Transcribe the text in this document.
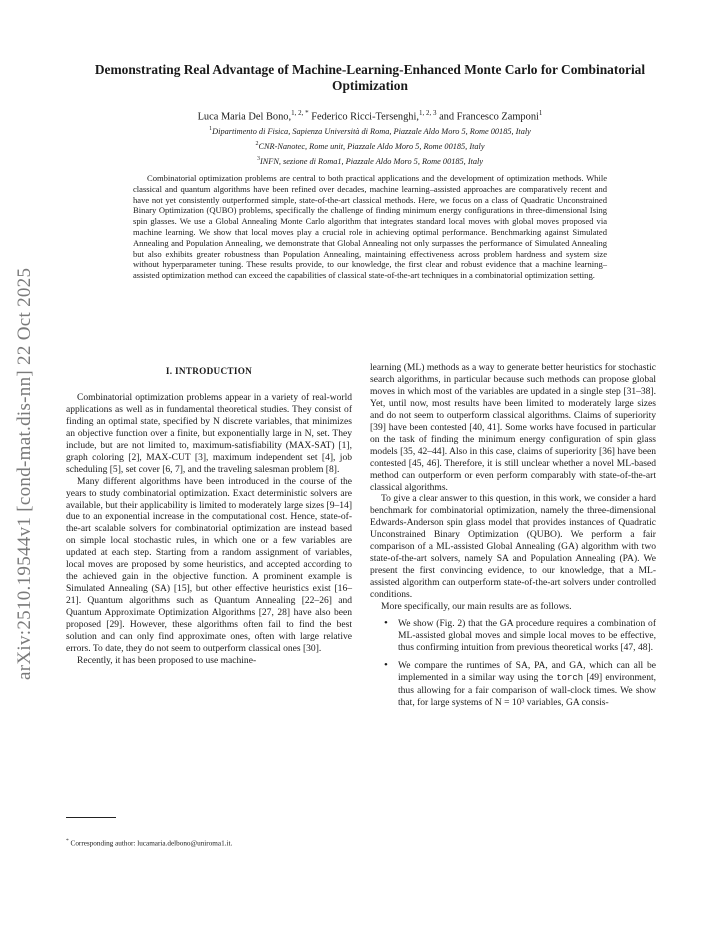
arXiv:2510.19544v1 [cond-mat.dis-nn] 22 Oct 2025
Demonstrating Real Advantage of Machine-Learning-Enhanced Monte Carlo for Combinatorial Optimization
Luca Maria Del Bono,$^{1, 2, *}$ Federico Ricci-Tersenghi,$^{1, 2, 3}$ and Francesco Zamponi$^1$
$^1$Dipartimento di Fisica, Sapienza Università di Roma, Piazzale Aldo Moro 5, Rome 00185, Italy
$^2$CNR-Nanotec, Rome unit, Piazzale Aldo Moro 5, Rome 00185, Italy
$^3$INFN, sezione di Roma1, Piazzale Aldo Moro 5, Rome 00185, Italy

Combinatorial optimization problems are central to both practical applications and the development of optimization methods. While classical and quantum algorithms have been refined over decades, machine learning–assisted approaches are comparatively recent and have not yet consistently outperformed simple, state-of-the-art classical methods. Here, we focus on a class of Quadratic Unconstrained Binary Optimization (QUBO) problems, specifically the challenge of finding minimum energy configurations in three-dimensional Ising spin glasses. We use a Global Annealing Monte Carlo algorithm that integrates standard local moves with global moves proposed via machine learning. We show that local moves play a crucial role in achieving optimal performance. Benchmarking against Simulated Annealing and Population Annealing, we demonstrate that Global Annealing not only surpasses the performance of Simulated Annealing but also exhibits greater robustness than Population Annealing, maintaining effectiveness across problem hardness and system size without hyperparameter tuning. These results provide, to our knowledge, the first clear and robust evidence that a machine learning–assisted optimization method can exceed the capabilities of classical state-of-the-art techniques in a combinatorial optimization setting.

I. INTRODUCTION

Combinatorial optimization problems appear in a variety of real-world applications as well as in fundamental theoretical studies. They consist of finding an optimal state, specified by N discrete variables, that minimizes an objective function over a finite, but exponentially large in N, set. They include, but are not limited to, maximum-satisfiability (MAX-SAT) [1], graph coloring [2], MAX-CUT [3], maximum independent set [4], job scheduling [5], set cover [6, 7], and the traveling salesman problem [8].

Many different algorithms have been introduced in the course of the years to study combinatorial optimization. Exact deterministic solvers are available, but their applicability is limited to moderately large sizes [9–14] due to an exponential increase in the computational cost. Hence, state-of-the-art scalable solvers for combinatorial optimization are instead based on simple local stochastic rules, in which one or a few variables are updated at each step. Starting from a random assignment of variables, local moves are proposed by some heuristics, and accepted according to the achieved gain in the objective function. A prominent example is Simulated Annealing (SA) [15], but other effective heuristics exist [16–21]. Quantum algorithms such as Quantum Annealing [22–26] and Quantum Approximate Optimization Algorithms [27, 28] have also been proposed [29]. However, these algorithms often fail to find the best solution and can only find approximate ones, often with large relative errors. To date, they do not seem to outperform classical ones [30].

Recently, it has been proposed to use machine-

learning (ML) methods as a way to generate better heuristics for stochastic search algorithms, in particular because such methods can propose global moves in which most of the variables are updated in a single step [31–38]. Yet, until now, most results have been limited to moderately large sizes and do not seem to outperform classical algorithms. Claims of superiority [39] have been contested [40, 41]. Some works have focused in particular on the task of finding the minimum energy configuration of spin glass models [35, 42–44]. Also in this case, claims of superiority [36] have been contested [45, 46]. Therefore, it is still unclear whether a novel ML-based method can outperform or even perform comparably with state-of-the-art classical algorithms.

To give a clear answer to this question, in this work, we consider a hard benchmark for combinatorial optimization, namely the three-dimensional Edwards-Anderson spin glass model that provides instances of Quadratic Unconstrained Binary Optimization (QUBO). We perform a fair comparison of a ML-assisted Global Annealing (GA) algorithm with two state-of-the-art solvers, namely SA and Population Annealing (PA). We present the first convincing evidence, to our knowledge, that a ML-assisted algorithm can outperform state-of-the-art solvers under controlled conditions.

More specifically, our main results are as follows.

• We show (Fig. 2) that the GA procedure requires a combination of ML-assisted global moves and simple local moves to be effective, thus confirming intuition from previous theoretical works [47, 48].
• We compare the runtimes of SA, PA, and GA, which can all be implemented in a similar way using the torch [49] environment, thus allowing for a fair comparison of wall-clock times. We show that, for large systems of N = 10³ variables, GA consis-

* Corresponding author: lucamaria.delbono@uniroma1.it.
